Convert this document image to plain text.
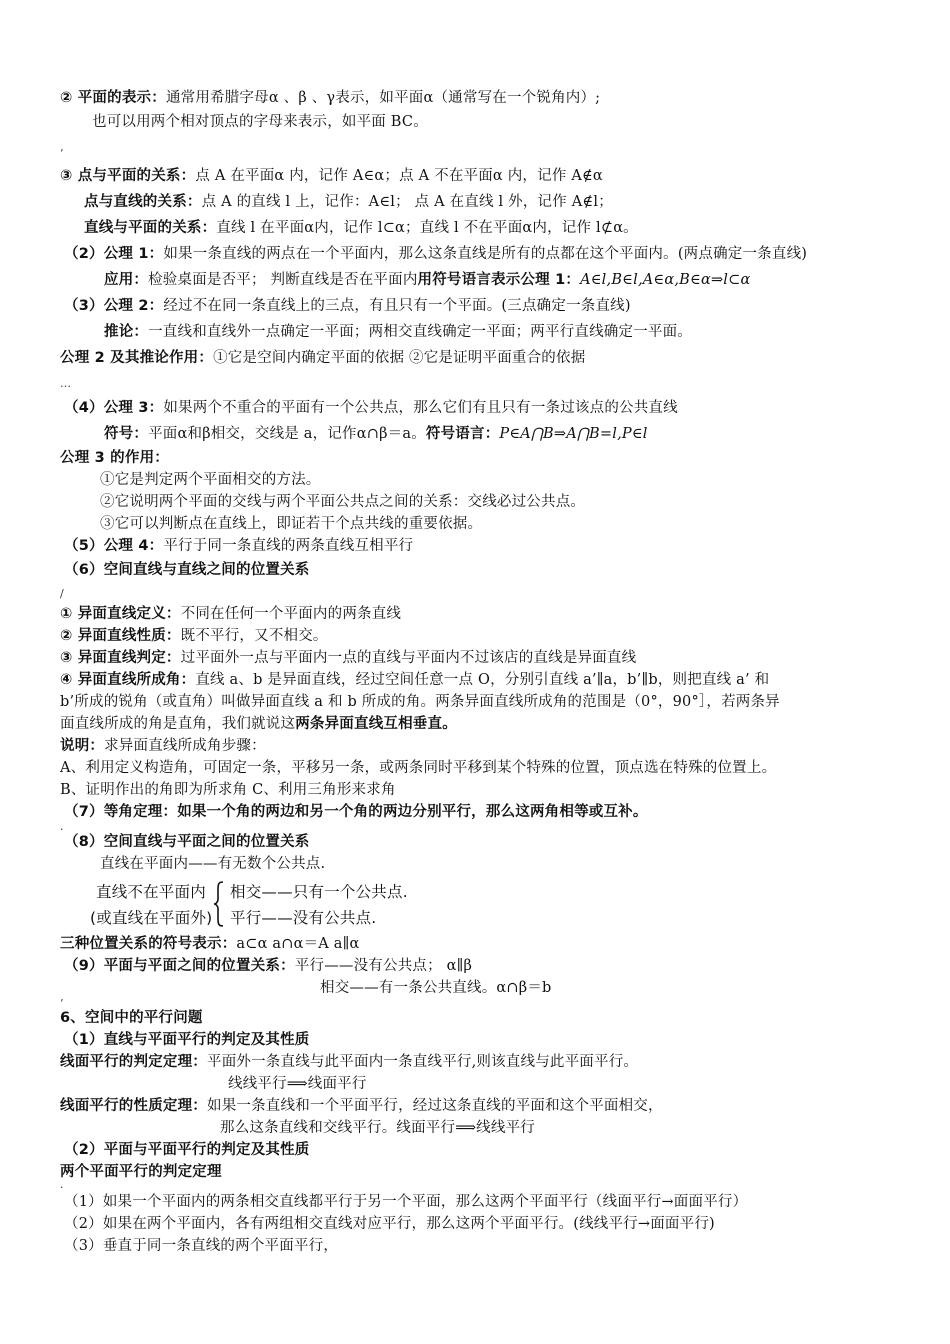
② 平面的表示：通常用希腊字母α 、β 、γ表示，如平面α（通常写在一个锐角内）;
也可以用两个相对顶点的字母来表示，如平面 BC。
’
③ 点与平面的关系：点 A 在平面α 内，记作 A∈α；点 A 不在平面α 内，记作 A∉α
点与直线的关系：点 A 的直线 l 上，记作：A∈l； 点 A 在直线 l 外，记作 A∉l；
直线与平面的关系：直线 l 在平面α内，记作 l⊂α；直线 l 不在平面α内，记作 l⊄α。
（2）公理 1：如果一条直线的两点在一个平面内，那么这条直线是所有的点都在这个平面内。(两点确定一条直线)
应用：检验桌面是否平； 判断直线是否在平面内用符号语言表示公理 1：A∈l,B∈l,A∈α,B∈α⇒l⊂α
（3）公理 2：经过不在同一条直线上的三点，有且只有一个平面。(三点确定一条直线)
推论：一直线和直线外一点确定一平面；两相交直线确定一平面；两平行直线确定一平面。
公理 2 及其推论作用：①它是空间内确定平面的依据 ②它是证明平面重合的依据
…
（4）公理 3：如果两个不重合的平面有一个公共点，那么它们有且只有一条过该点的公共直线
符号：平面α和β相交，交线是 a，记作α∩β＝a。符号语言：P∈A⋂B⇒A⋂B=l,P∈l
公理 3 的作用：
①它是判定两个平面相交的方法。
②它说明两个平面的交线与两个平面公共点之间的关系：交线必过公共点。
③它可以判断点在直线上，即证若干个点共线的重要依据。
（5）公理 4：平行于同一条直线的两条直线互相平行
（6）空间直线与直线之间的位置关系
/
① 异面直线定义：不同在任何一个平面内的两条直线
② 异面直线性质：既不平行，又不相交。
③ 异面直线判定：过平面外一点与平面内一点的直线与平面内不过该店的直线是异面直线
④ 异面直线所成角：直线 a、b 是异面直线，经过空间任意一点 O，分别引直线 a’∥a，b’∥b，则把直线 a’ 和
b’所成的锐角（或直角）叫做异面直线 a 和 b 所成的角。两条异面直线所成角的范围是（0°，90°］，若两条异
面直线所成的角是直角，我们就说这两条异面直线互相垂直。
说明：求异面直线所成角步骤：
A、利用定义构造角，可固定一条，平移另一条，或两条同时平移到某个特殊的位置，顶点选在特殊的位置上。
B、证明作出的角即为所求角 C、利用三角形来求角
（7）等角定理：如果一个角的两边和另一个角的两边分别平行，那么这两角相等或互补。
·
（8）空间直线与平面之间的位置关系
直线在平面内——有无数个公共点.
直线不在平面内
(或直线在平面外)
相交——只有一个公共点.
平行——没有公共点.
三种位置关系的符号表示：a⊂α a∩α＝A a∥α
（9）平面与平面之间的位置关系：平行——没有公共点； α∥β
相交——有一条公共直线。α∩β＝b
’
6、空间中的平行问题
（1）直线与平面平行的判定及其性质
线面平行的判定定理：平面外一条直线与此平面内一条直线平行,则该直线与此平面平行。
线线平行⟹线面平行
线面平行的性质定理：如果一条直线和一个平面平行，经过这条直线的平面和这个平面相交，
那么这条直线和交线平行。线面平行⟹线线平行
（2）平面与平面平行的判定及其性质
两个平面平行的判定定理
·
（1）如果一个平面内的两条相交直线都平行于另一个平面，那么这两个平面平行（线面平行→面面平行）
（2）如果在两个平面内，各有两组相交直线对应平行，那么这两个平面平行。(线线平行→面面平行)
（3）垂直于同一条直线的两个平面平行，
